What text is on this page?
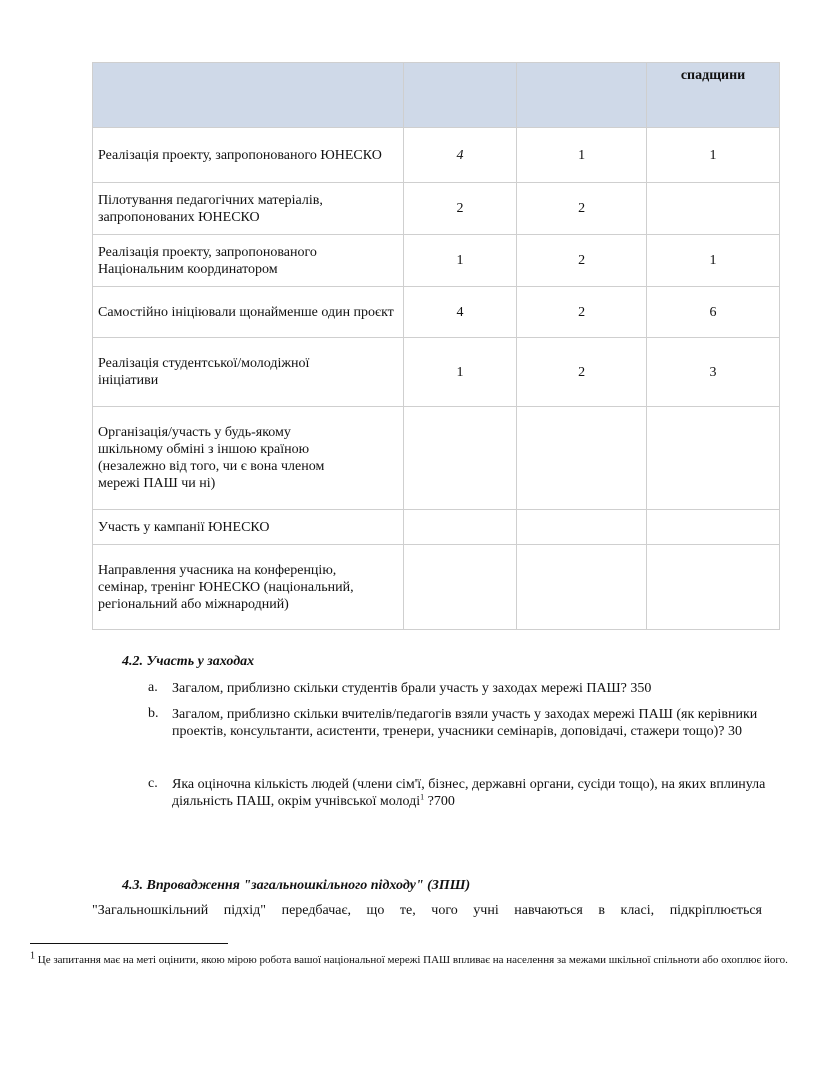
			спадщини
Реалізація проекту, запропонованого ЮНЕСКО	4	1	1
Пілотування педагогічних матеріалів, запропонованих ЮНЕСКО	2	2	
Реалізація проекту, запропонованого Національним координатором	1	2	1
Самостійно ініціювали щонайменше один проєкт	4	2	6
Реалізація студентської/молодіжної ініціативи	1	2	3
Організація/участь у будь-якому шкільному обміні з іншою країною (незалежно від того, чи є вона членом мережі ПАШ чи ні)			
Участь у кампанії ЮНЕСКО			
Направлення учасника на конференцію, семінар, тренінг ЮНЕСКО (національний, регіональний або міжнародний)			
4.2. Участь у заходах
a. Загалом, приблизно скільки студентів брали участь у заходах мережі ПАШ? 350
b. Загалом, приблизно скільки вчителів/педагогів взяли участь у заходах мережі ПАШ (як керівники проектів, консультанти, асистенти, тренери, учасники семінарів, доповідачі, стажери тощо)? 30
c. Яка оціночна кількість людей (члени сім'ї, бізнес, державні органи, сусіди тощо), на яких вплинула діяльність ПАШ, окрім учнівської молоді$^1$ ?700
4.3. Впровадження "загальношкільного підходу" (ЗПШ)
"Загальношкільний підхід" передбачає, що те, чого учні навчаються в класі, підкріплюється
1 Це запитання має на меті оцінити, якою мірою робота вашої національної мережі ПАШ впливає на населення за межами шкільної спільноти або охоплює його.
